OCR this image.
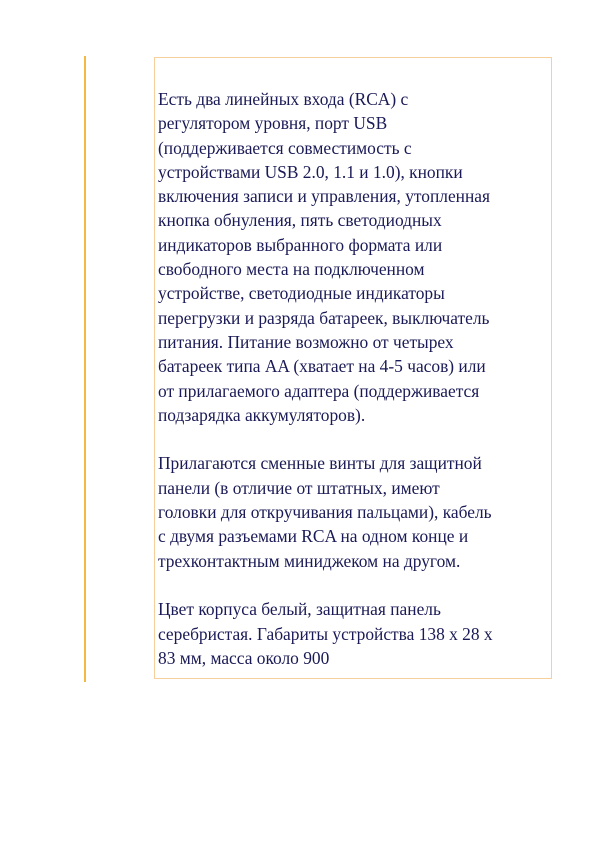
Есть два линейных входа (RCA) с
регулятором уровня, порт USB
(поддерживается совместимость с
устройствами USB 2.0, 1.1 и 1.0), кнопки
включения записи и управления, утопленная
кнопка обнуления, пять светодиодных
индикаторов выбранного формата или
свободного места на подключенном
устройстве, светодиодные индикаторы
перегрузки и разряда батареек, выключатель
питания. Питание возможно от четырех
батареек типа AA (хватает на 4-5 часов) или
от прилагаемого адаптера (поддерживается
подзарядка аккумуляторов).

Прилагаются сменные винты для защитной
панели (в отличие от штатных, имеют
головки для откручивания пальцами), кабель
с двумя разъемами RCA на одном конце и
трехконтактным миниджеком на другом.

Цвет корпуса белый, защитная панель
серебристая. Габариты устройства 138 х 28 х
83 мм, масса около 900
